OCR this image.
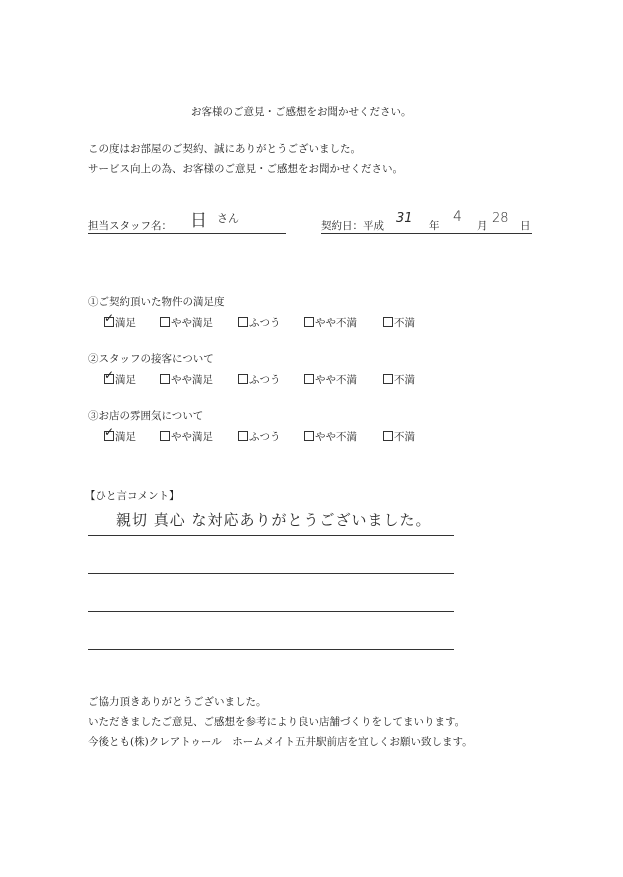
お客様のご意見・ご感想をお聞かせください。
この度はお部屋のご契約、誠にありがとうございました。
サービス向上の為、お客様のご意見・ご感想をお聞かせください。
担当スタッフ名： 日 さん
契約日：平成 31 年
4
月 28 日
①ご契約頂いた物件の満足度
✓ 満足	やや満足	ふつう	やや不満	不満
②スタッフの接客について
✓ 満足	やや満足	ふつう	やや不満	不満
③お店の雰囲気について
✓ 満足	やや満足	ふつう	やや不満	不満
【ひと言コメント】
親切 真心 な対応ありがとうございました。
ご協力頂きありがとうございました。
いただきましたご意見、ご感想を参考により良い店舗づくりをしてまいります。
今後とも(株)クレアトゥール　ホームメイト五井駅前店を宜しくお願い致します。
